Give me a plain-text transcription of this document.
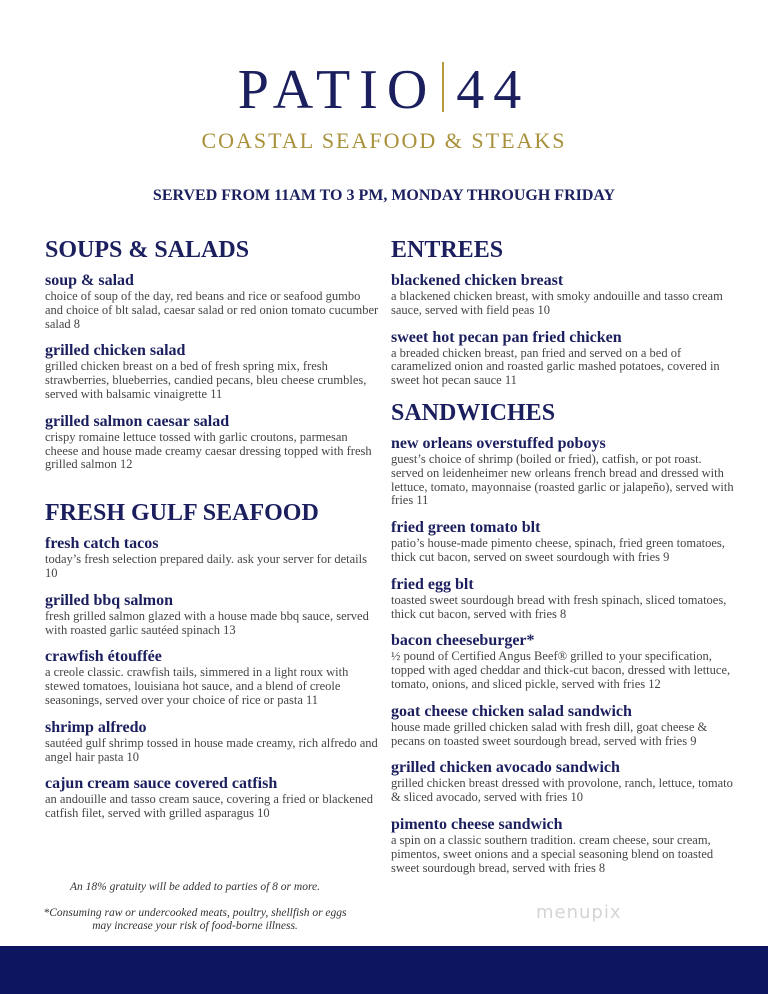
PATIO 44
COASTAL SEAFOOD & STEAKS
SERVED FROM 11AM TO 3 PM, MONDAY THROUGH FRIDAY
SOUPS & SALADS
soup & salad
choice of soup of the day, red beans and rice or seafood gumbo and choice of blt salad, caesar salad or red onion tomato cucumber salad 8
grilled chicken salad
grilled chicken breast on a bed of fresh spring mix, fresh strawberries, blueberries, candied pecans, bleu cheese crumbles, served with balsamic vinaigrette 11
grilled salmon caesar salad
crispy romaine lettuce tossed with garlic croutons, parmesan cheese and house made creamy caesar dressing topped with fresh grilled salmon 12
FRESH GULF SEAFOOD
fresh catch tacos
today’s fresh selection prepared daily. ask your server for details 10
grilled bbq salmon
fresh grilled salmon glazed with a house made bbq sauce, served with roasted garlic sautéed spinach 13
crawfish étouffée
a creole classic. crawfish tails, simmered in a light roux with stewed tomatoes, louisiana hot sauce, and a blend of creole seasonings, served over your choice of rice or pasta 11
shrimp alfredo
sautéed gulf shrimp tossed in house made creamy, rich alfredo and angel hair pasta 10
cajun cream sauce covered catfish
an andouille and tasso cream sauce, covering a fried or blackened catfish filet, served with grilled asparagus 10
ENTREES
blackened chicken breast
a blackened chicken breast, with smoky andouille and tasso cream sauce, served with field peas 10
sweet hot pecan pan fried chicken
a breaded chicken breast, pan fried and served on a bed of caramelized onion and roasted garlic mashed potatoes, covered in sweet hot pecan sauce 11
SANDWICHES
new orleans overstuffed poboys
guest’s choice of shrimp (boiled or fried), catfish, or pot roast. served on leidenheimer new orleans french bread and dressed with lettuce, tomato, mayonnaise (roasted garlic or jalapeño), served with fries 11
fried green tomato blt
patio’s house-made pimento cheese, spinach, fried green tomatoes, thick cut bacon, served on sweet sourdough with fries 9
fried egg blt
toasted sweet sourdough bread with fresh spinach, sliced tomatoes, thick cut bacon, served with fries 8
bacon cheeseburger*
½ pound of Certified Angus Beef® grilled to your specification, topped with aged cheddar and thick-cut bacon, dressed with lettuce, tomato, onions, and sliced pickle, served with fries 12
goat cheese chicken salad sandwich
house made grilled chicken salad with fresh dill, goat cheese & pecans on toasted sweet sourdough bread, served with fries 9
grilled chicken avocado sandwich
grilled chicken breast dressed with provolone, ranch, lettuce, tomato & sliced avocado, served with fries 10
pimento cheese sandwich
a spin on a classic southern tradition. cream cheese, sour cream, pimentos, sweet onions and a special seasoning blend on toasted sweet sourdough bread, served with fries 8
An 18% gratuity will be added to parties of 8 or more.
*Consuming raw or undercooked meats, poultry, shellfish or eggs may increase your risk of food-borne illness.
menupix
